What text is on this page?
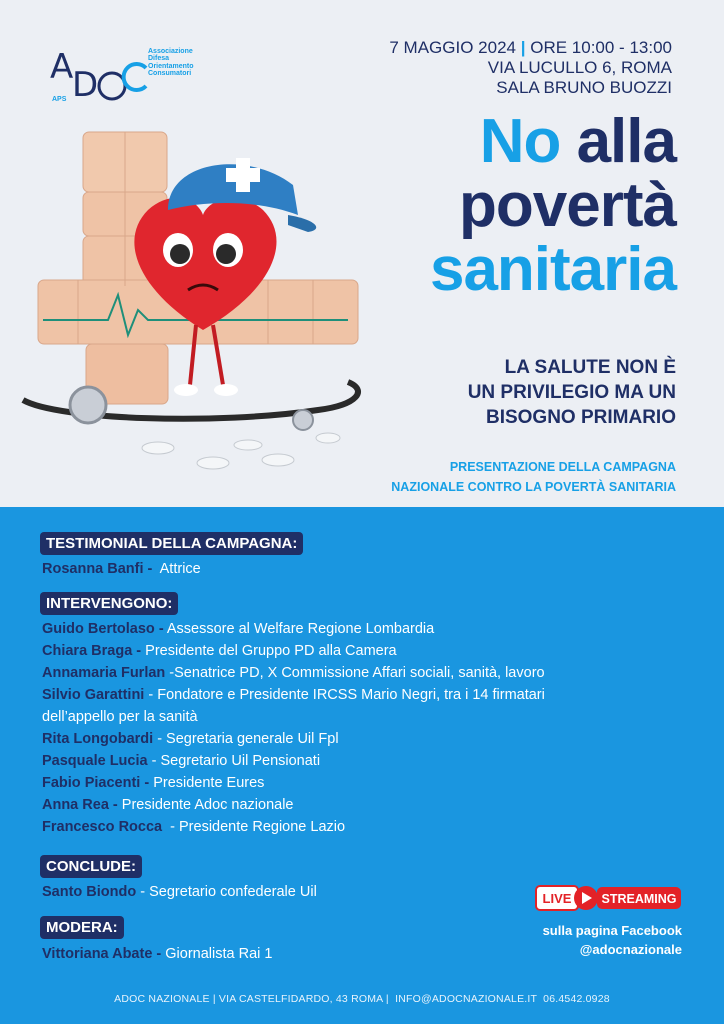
A
D
APS
Associazione
Difesa
Orientamento
Consumatori
7 MAGGIO 2024 | ORE 10:00 - 13:00
VIA LUCULLO 6, ROMA
SALA BRUNO BUOZZI
No alla
povertà
sanitaria
LA SALUTE NON È
UN PRIVILEGIO MA UN
BISOGNO PRIMARIO
PRESENTAZIONE DELLA CAMPAGNA
NAZIONALE CONTRO LA POVERTÀ SANITARIA
TESTIMONIAL DELLA CAMPAGNA:
Rosanna Banfi -  Attrice
INTERVENGONO:
Guido Bertolaso - Assessore al Welfare Regione Lombardia
Chiara Braga - Presidente del Gruppo PD alla Camera
Annamaria Furlan -Senatrice PD, X Commissione Affari sociali, sanità, lavoro
Silvio Garattini - Fondatore e Presidente IRCSS Mario Negri, tra i 14 firmatari
dell’appello per la sanità
Rita Longobardi - Segretaria generale Uil Fpl
Pasquale Lucia - Segretario Uil Pensionati
Fabio Piacenti - Presidente Eures
Anna Rea - Presidente Adoc nazionale
Francesco Rocca  - Presidente Regione Lazio
CONCLUDE:
Santo Biondo - Segretario confederale Uil
MODERA:
Vittoriana Abate - Giornalista Rai 1
LIVE STREAMING
sulla pagina Facebook
@adocnazionale
ADOC NAZIONALE | VIA CASTELFIDARDO, 43 ROMA |  INFO@ADOCNAZIONALE.IT  06.4542.0928
